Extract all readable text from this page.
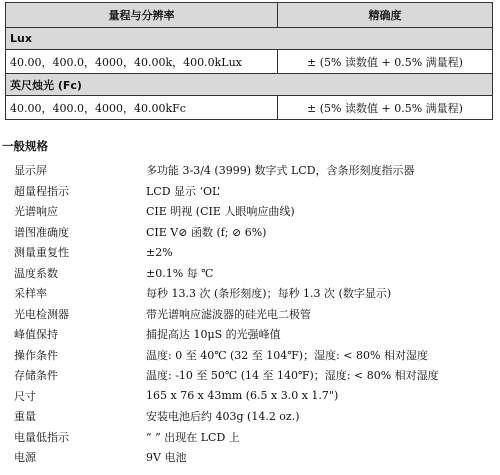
量程与分辨率	精确度
Lux	
40.00，400.0，4000，40.00k，400.0kLux	± (5% 读数值 + 0.5% 满量程)
英尺烛光 (Fc)	
40.00，400.0，4000，40.00kFc	± (5% 读数值 + 0.5% 满量程)
一般规格
显示屏	多功能 3-3/4 (3999) 数字式 LCD，含条形刻度指示器
超量程指示	LCD 显示 ‘OL’
光谱响应	CIE 明视 (CIE 人眼响应曲线)
谱图准确度	CIE V⊘ 函数 (f; ⊘ 6%)
测量重复性	±2%
温度系数	±0.1% 每 ℃
采样率	每秒 13.3 次 (条形刻度)；每秒 1.3 次 (数字显示)
光电检测器	带光谱响应滤波器的硅光电二极管
峰值保持	捕捉高达 10μS 的光强峰值
操作条件	温度: 0 至 40℃ (32 至 104℉)；湿度: < 80% 相对湿度
存储条件	温度: -10 至 50℃ (14 至 140℉)；湿度: < 80% 相对湿度
尺寸	165 x 76 x 43mm (6.5 x 3.0 x 1.7")
重量	安装电池后约 403g (14.2 oz.)
电量低指示	“ ” 出现在 LCD 上
电源	9V 电池
